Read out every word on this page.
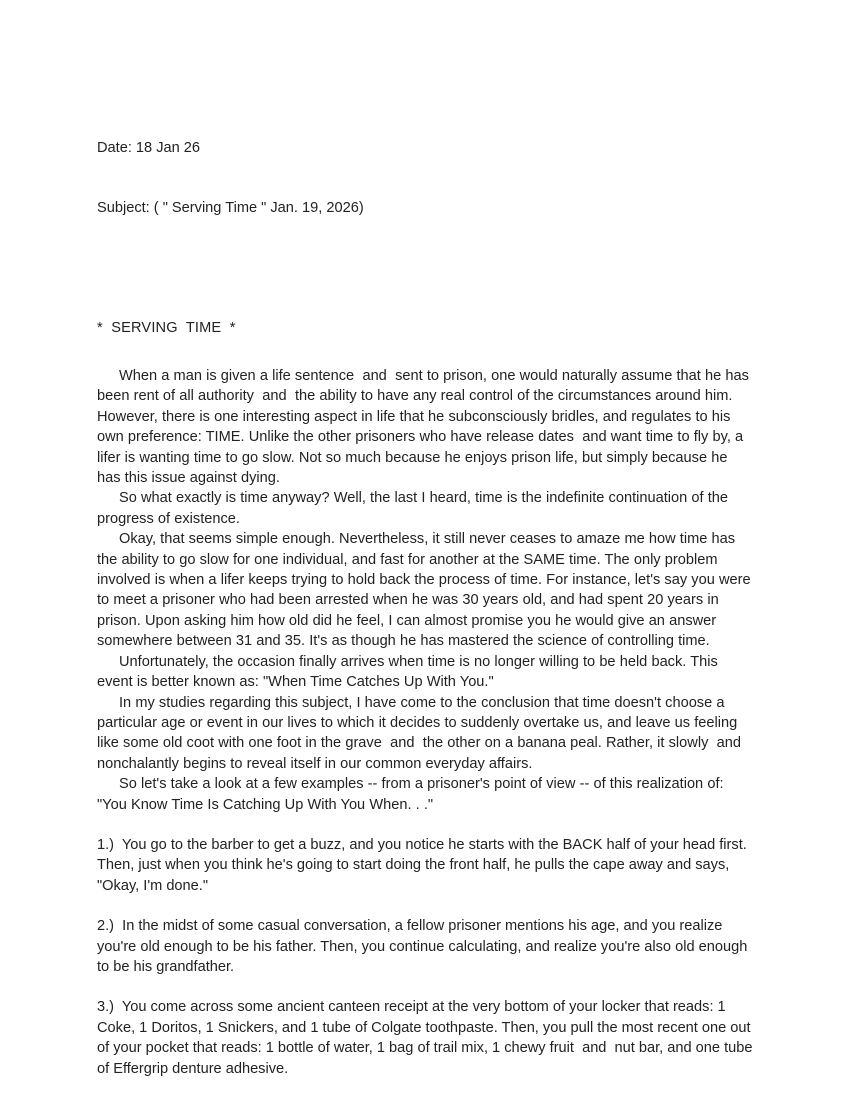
Date: 18 Jan 26

Subject: ( " Serving Time " Jan. 19, 2026)

*  SERVING  TIME  *

When a man is given a life sentence  and  sent to prison, one would naturally assume that he has been rent of all authority  and  the ability to have any real control of the circumstances around him. However, there is one interesting aspect in life that he subconsciously bridles, and regulates to his own preference: TIME. Unlike the other prisoners who have release dates  and want time to fly by, a lifer is wanting time to go slow. Not so much because he enjoys prison life, but simply because he has this issue against dying.

So what exactly is time anyway? Well, the last I heard, time is the indefinite continuation of the progress of existence.

Okay, that seems simple enough. Nevertheless, it still never ceases to amaze me how time has the ability to go slow for one individual, and fast for another at the SAME time. The only problem involved is when a lifer keeps trying to hold back the process of time. For instance, let's say you were to meet a prisoner who had been arrested when he was 30 years old, and had spent 20 years in prison. Upon asking him how old did he feel, I can almost promise you he would give an answer somewhere between 31 and 35. It's as though he has mastered the science of controlling time.

Unfortunately, the occasion finally arrives when time is no longer willing to be held back. This event is better known as: "When Time Catches Up With You."

In my studies regarding this subject, I have come to the conclusion that time doesn't choose a particular age or event in our lives to which it decides to suddenly overtake us, and leave us feeling like some old coot with one foot in the grave  and  the other on a banana peal. Rather, it slowly  and  nonchalantly begins to reveal itself in our common everyday affairs.

So let's take a look at a few examples -- from a prisoner's point of view -- of this realization of: "You Know Time Is Catching Up With You When. . ."

1.)  You go to the barber to get a buzz, and you notice he starts with the BACK half of your head first. Then, just when you think he's going to start doing the front half, he pulls the cape away and says, "Okay, I'm done."

2.)  In the midst of some casual conversation, a fellow prisoner mentions his age, and you realize you're old enough to be his father. Then, you continue calculating, and realize you're also old enough to be his grandfather.

3.)  You come across some ancient canteen receipt at the very bottom of your locker that reads: 1 Coke, 1 Doritos, 1 Snickers, and 1 tube of Colgate toothpaste. Then, you pull the most recent one out of your pocket that reads: 1 bottle of water, 1 bag of trail mix, 1 chewy fruit  and  nut bar, and one tube of Effergrip denture adhesive.
